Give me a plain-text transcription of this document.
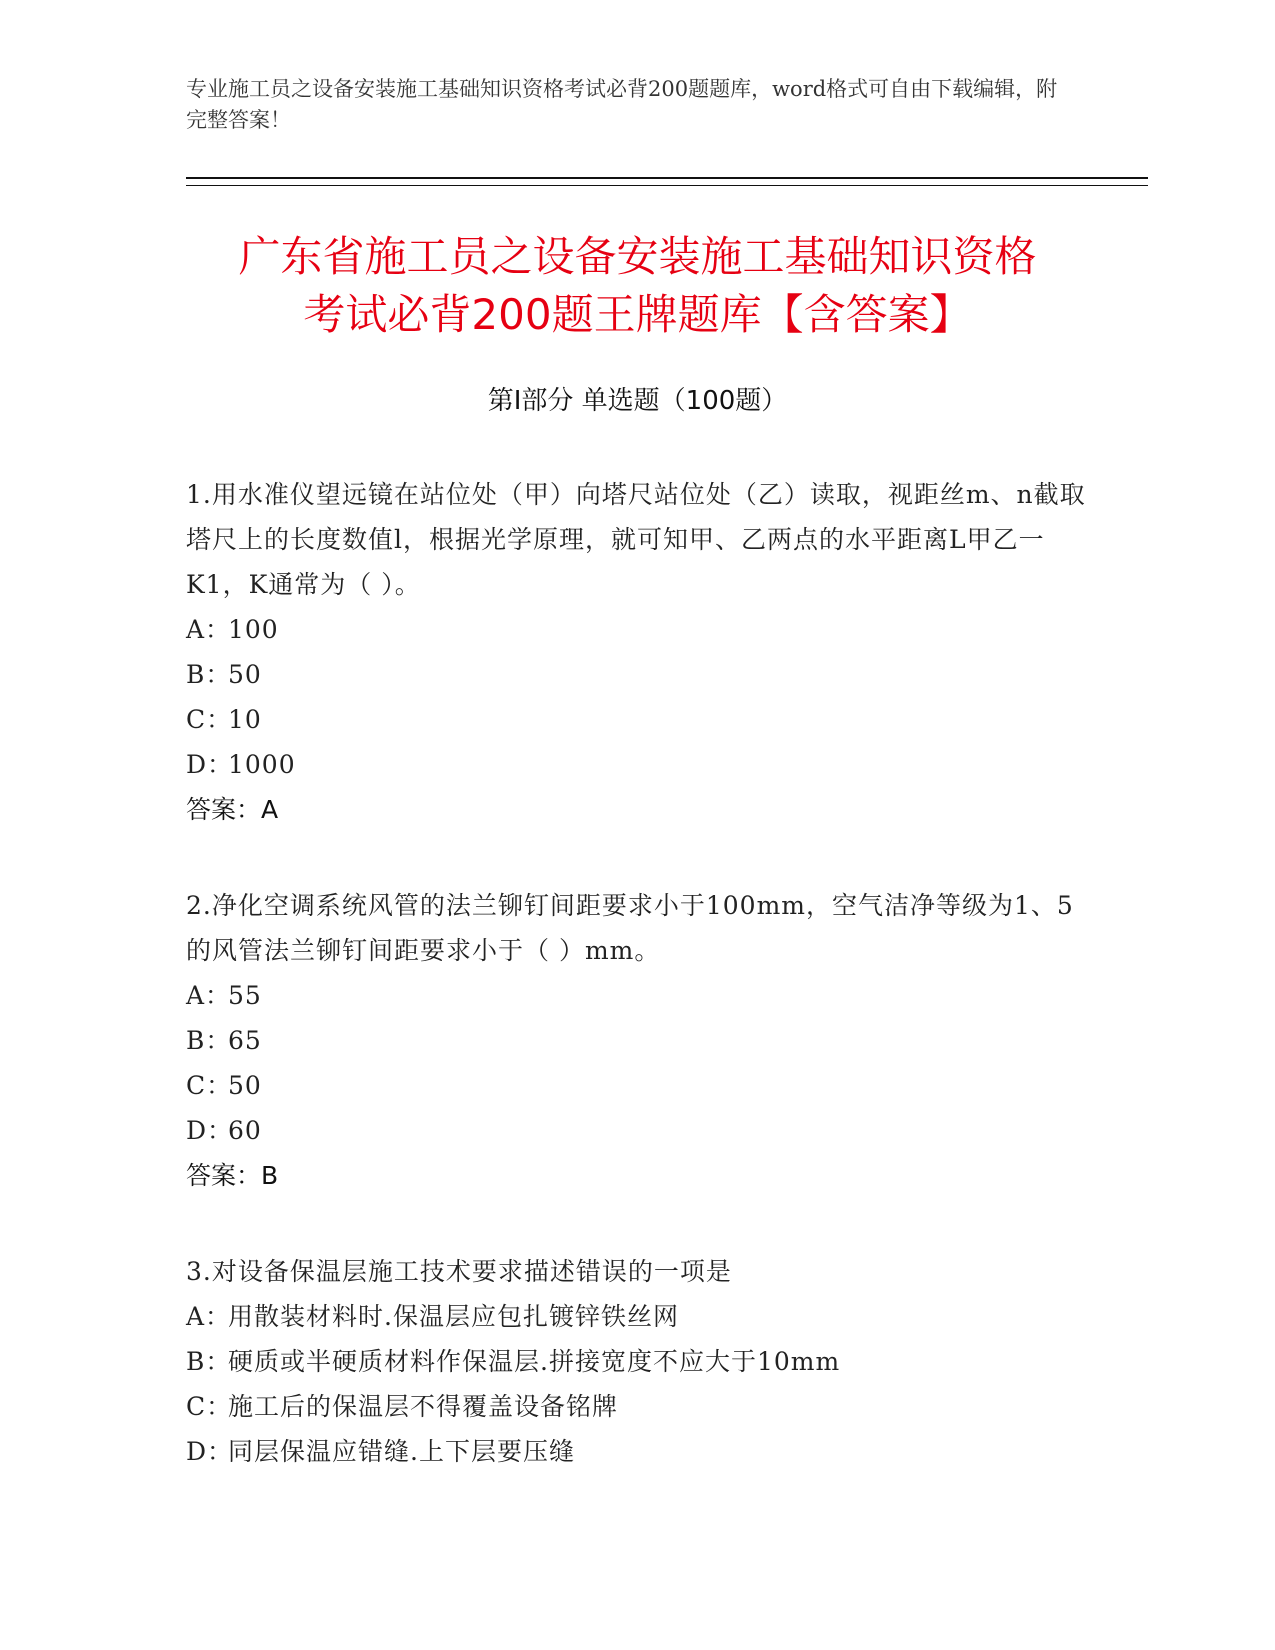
专业施工员之设备安装施工基础知识资格考试必背200题题库，word格式可自由下载编辑，附完整答案！
广东省施工员之设备安装施工基础知识资格
考试必背200题王牌题库【含答案】
第Ⅰ部分 单选题（100题）

1.用水准仪望远镜在站位处（甲）向塔尺站位处（乙）读取，视距丝m、n截取塔尺上的长度数值l，根据光学原理，就可知甲、乙两点的水平距离L甲乙一K1，K通常为（ ）。

A：100

B：50

C：10

D：1000

答案：A

2.净化空调系统风管的法兰铆钉间距要求小于100mm，空气洁净等级为1、5的风管法兰铆钉间距要求小于（ ）mm。

A：55

B：65

C：50

D：60

答案：B

3.对设备保温层施工技术要求描述错误的一项是

A：用散装材料时.保温层应包扎镀锌铁丝网

B：硬质或半硬质材料作保温层.拼接宽度不应大于10mm

C：施工后的保温层不得覆盖设备铭牌

D：同层保温应错缝.上下层要压缝
